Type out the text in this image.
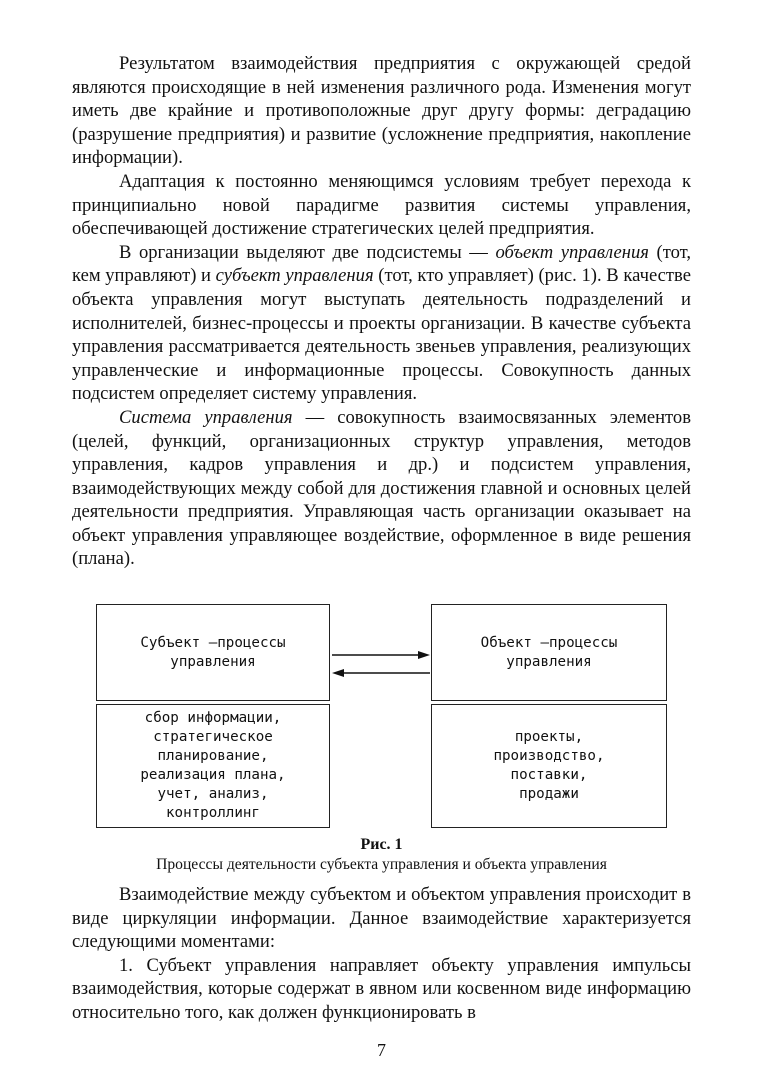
Результатом взаимодействия предприятия с окружающей средой являются происходящие в ней изменения различного рода. Изменения могут иметь две крайние и противоположные друг другу формы: деградацию (разрушение предприятия) и развитие (усложнение предприятия, накопление информации).

Адаптация к постоянно меняющимся условиям требует перехода к принципиально новой парадигме развития системы управления, обеспечивающей достижение стратегических целей предприятия.

В организации выделяют две подсистемы — объект управления (тот, кем управляют) и субъект управления (тот, кто управляет) (рис. 1). В качестве объекта управления могут выступать деятельность подразделений и исполнителей, бизнес-процессы и проекты организации. В качестве субъекта управления рассматривается деятельность звеньев управления, реализующих управленческие и информационные процессы. Совокупность данных подсистем определяет систему управления.

Система управления — совокупность взаимосвязанных элементов (целей, функций, организационных структур управления, методов управления, кадров управления и др.) и подсистем управления, взаимодействующих между собой для достижения главной и основных целей деятельности предприятия. Управляющая часть организации оказывает на объект управления управляющее воздействие, оформленное в виде решения (плана).

Субъект –процессы
управления
сбор информации,
стратегическое
планирование,
реализация плана,
учет, анализ,
контроллинг
Объект –процессы
управления
проекты,
производство,
поставки,
продажи
Рис. 1
Процессы деятельности субъекта управления и объекта управления

Взаимодействие между субъектом и объектом управления происходит в виде циркуляции информации. Данное взаимодействие характеризуется следующими моментами:

1. Субъект управления направляет объекту управления импульсы взаимодействия, которые содержат в явном или косвенном виде информацию относительно того, как должен функционировать в

7
